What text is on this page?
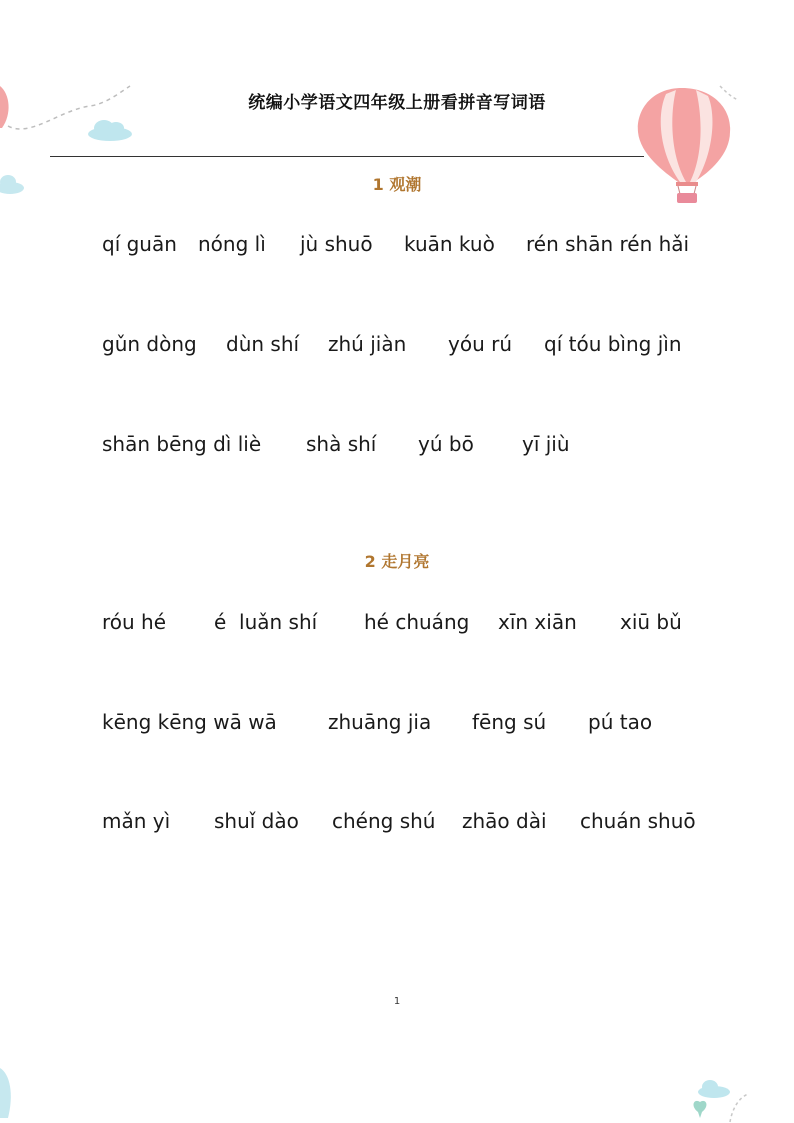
统编小学语文四年级上册看拼音写词语
1 观潮
qí guān nóng lì jù shuō kuān kuò rén shān rén hǎi
gǔn dòng dùn shí zhú jiàn yóu rú qí tóu bìng jìn
shān bēng dì liè shà shí yú bō yī jiù
2 走月亮
róu hé é  luǎn shí hé chuáng xīn xiān xiū bǔ
kēng kēng wā wā	zhuāng jia fēng sú pú tao
mǎn yì shuǐ dào chéng shú zhāo dài chuán shuō
1
